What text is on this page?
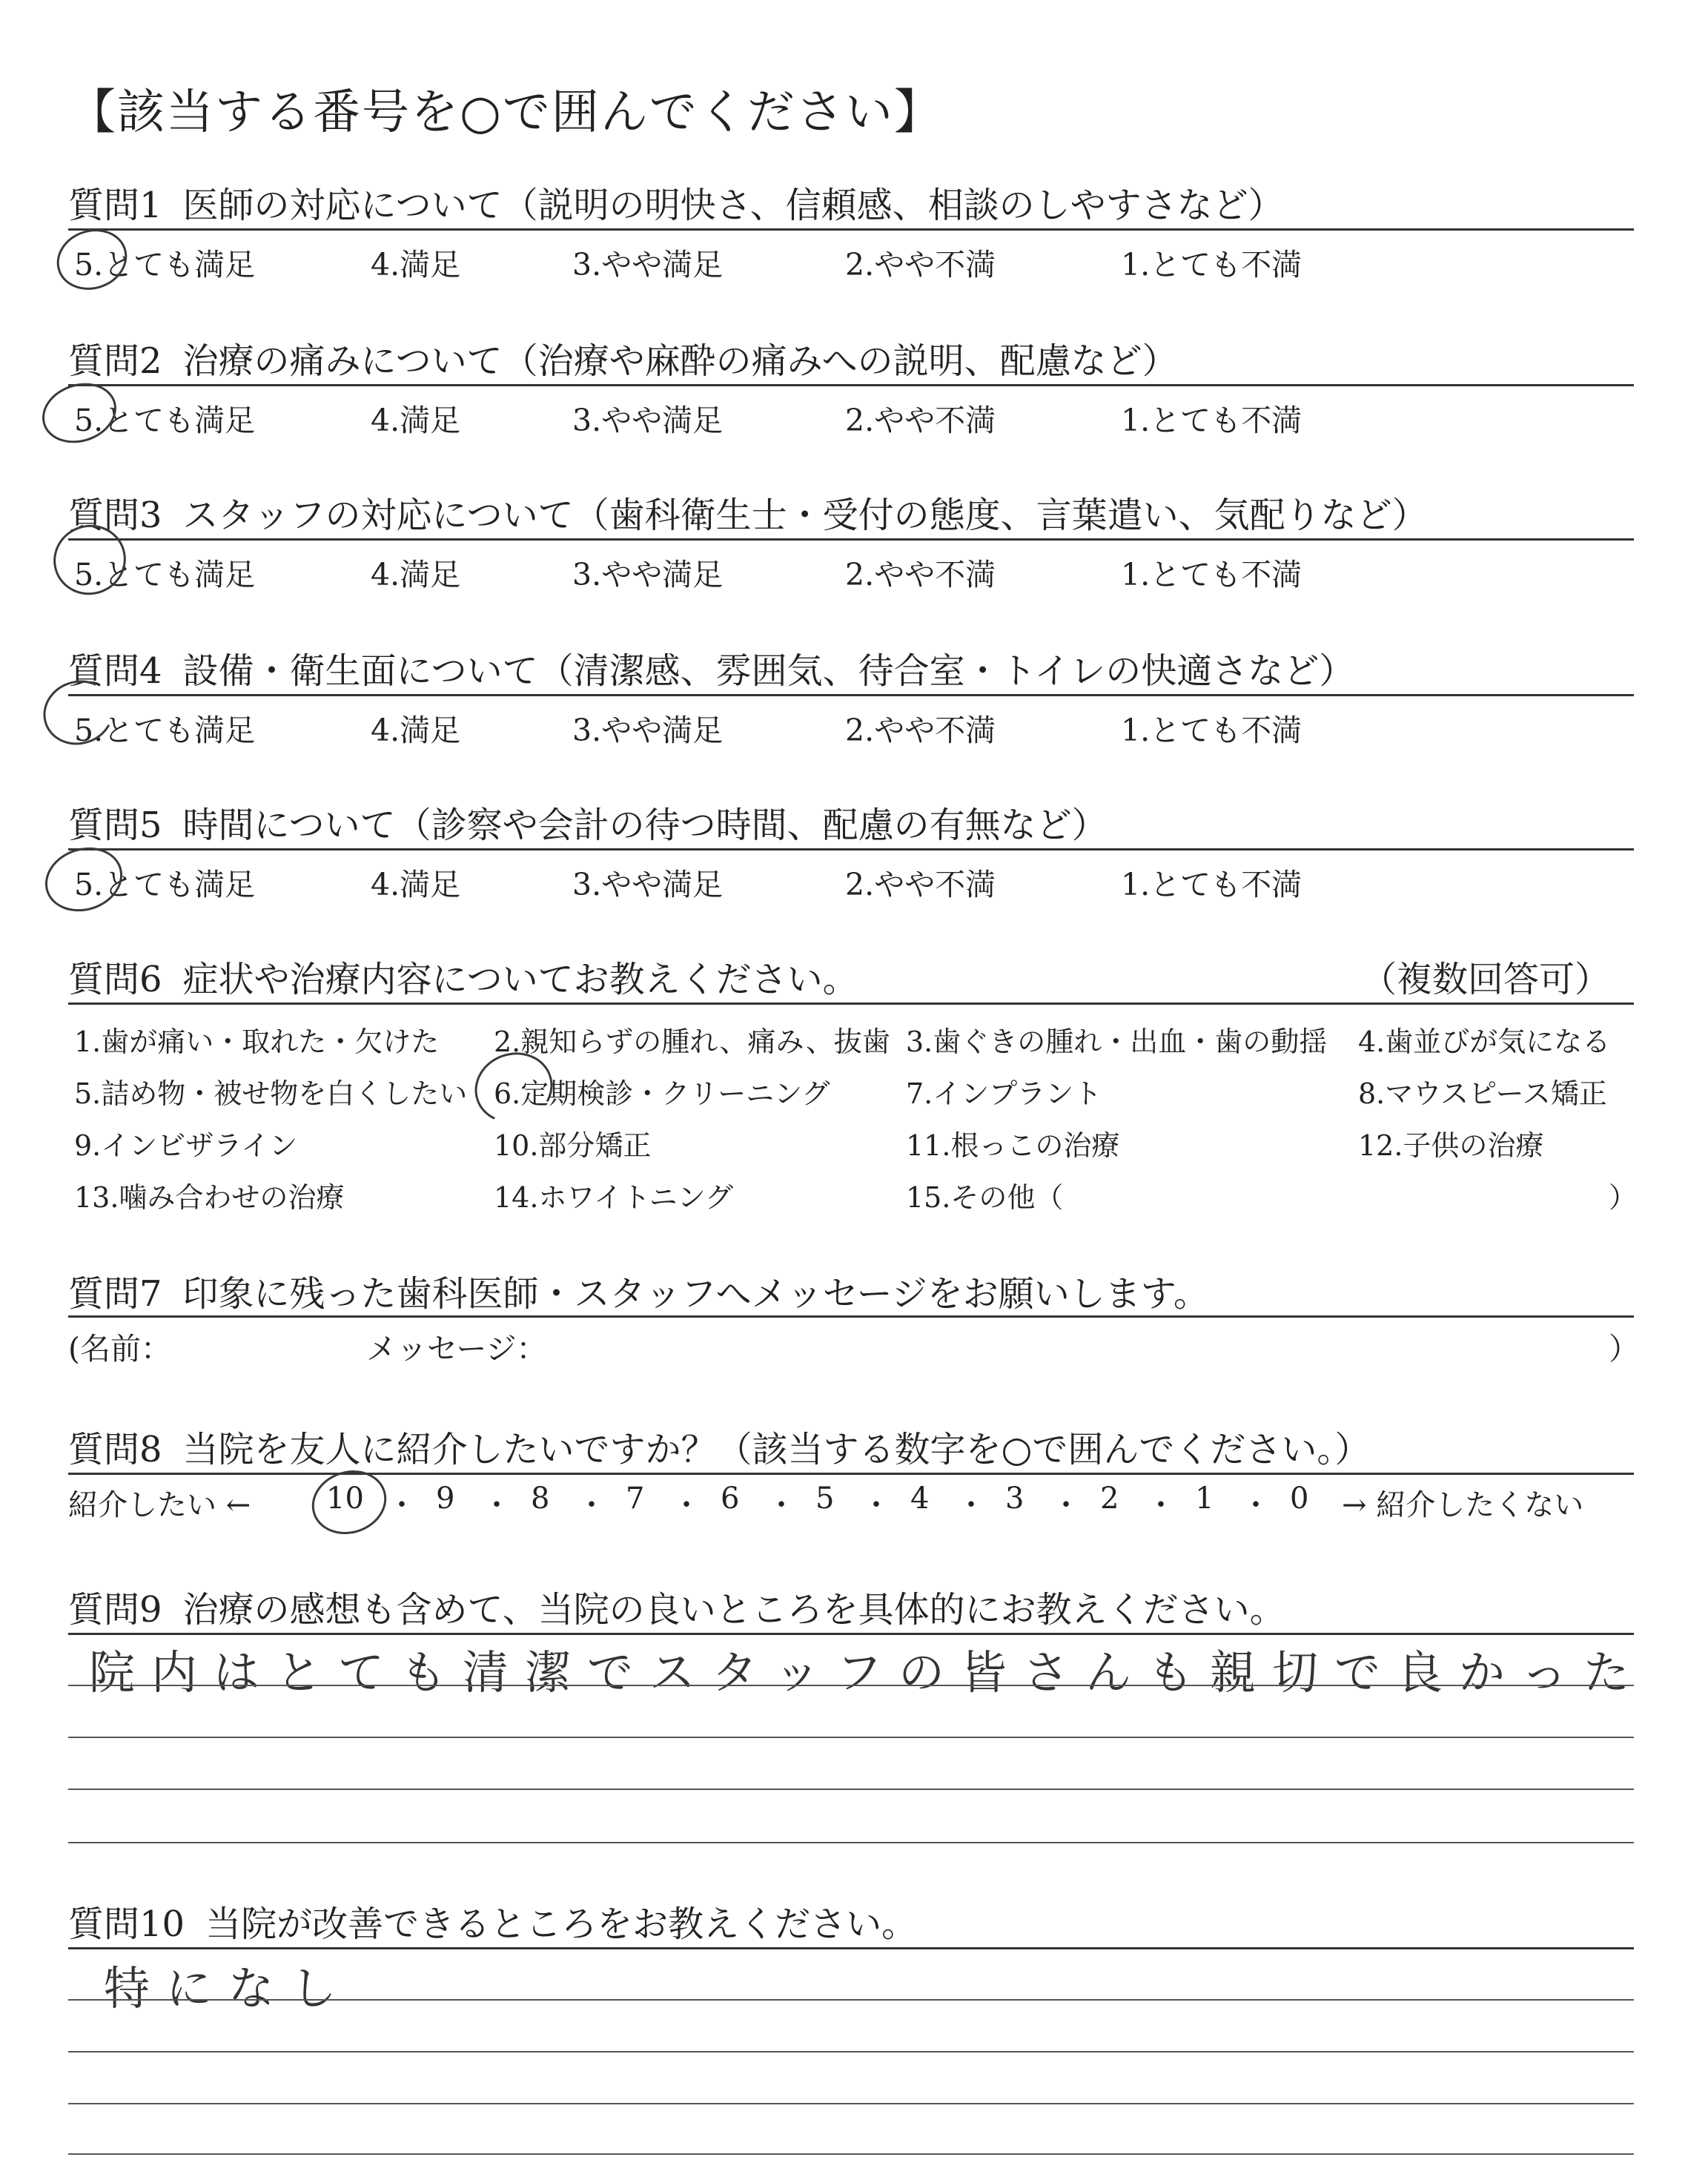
【該当する番号を○で囲んでください】
質問1 医師の対応について（説明の明快さ、信頼感、相談のしやすさなど）
5.とても満足	4.満足	3.やや満足	2.やや不満	1.とても不満
質問2 治療の痛みについて（治療や麻酔の痛みへの説明、配慮など）
5.とても満足	4.満足	3.やや満足	2.やや不満	1.とても不満
質問3 スタッフの対応について（歯科衛生士・受付の態度、言葉遣い、気配りなど）
5.とても満足	4.満足	3.やや満足	2.やや不満	1.とても不満
質問4 設備・衛生面について（清潔感、雰囲気、待合室・トイレの快適さなど）
5.とても満足	4.満足	3.やや満足	2.やや不満	1.とても不満
質問5 時間について（診察や会計の待つ時間、配慮の有無など）
5.とても満足	4.満足	3.やや満足	2.やや不満	1.とても不満
質問6 症状や治療内容についてお教えください。	（複数回答可）
1.歯が痛い・取れた・欠けた 2.親知らずの腫れ、痛み、抜歯 3.歯ぐきの腫れ・出血・歯の動揺 4.歯並びが気になる
5.詰め物・被せ物を白くしたい 6.定期検診・クリーニング	7.インプラント	8.マウスピース矯正
9.インビザライン	10.部分矯正	11.根っこの治療	12.子供の治療
13.噛み合わせの治療	14.ホワイトニング	15.その他（	）
質問7 印象に残った歯科医師・スタッフへメッセージをお願いします。
(名前：	メッセージ：	）
質問8 当院を友人に紹介したいですか？（該当する数字を○で囲んでください。）
紹介したい ←	10 ・ 9 ・ 8 ・ 7 ・ 6 ・ 5 ・ 4 ・ 3 ・ 2 ・ 1 ・ 0 → 紹介したくない
質問9 治療の感想も含めて、当院の良いところを具体的にお教えください。
院内はとても清潔でスタッフの皆さんも親切で良かった
質問10 当院が改善できるところをお教えください。
特になし
